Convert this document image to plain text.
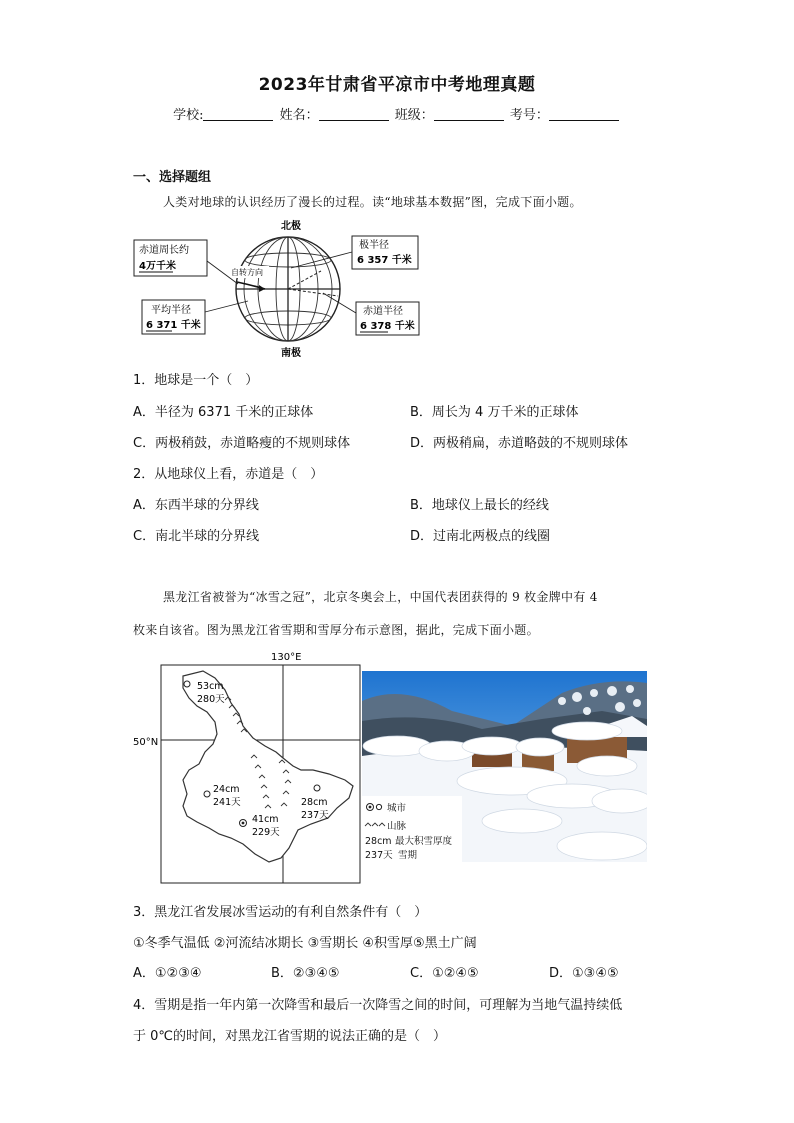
2023年甘肃省平凉市中考地理真题
学校:	姓名：	班级：	考号：
一、选择题组
人类对地球的认识经历了漫长的过程。读“地球基本数据”图，完成下面小题。
自转方向
北极
南极
赤道周长约
4万千米
平均半径
6 371 千米
极半径
6 357 千米
赤道半径
6 378 千米
1．地球是一个（　）
A．半径为 6371 千米的正球体	B．周长为 4 万千米的正球体
C．两极稍鼓，赤道略瘦的不规则球体	D．两极稍扁，赤道略鼓的不规则球体
2．从地球仪上看，赤道是（　）
A．东西半球的分界线	B．地球仪上最长的经线
C．南北半球的分界线	D．过南北两极点的线圈
黑龙江省被誉为“冰雪之冠”，北京冬奥会上，中国代表团获得的 9 枚金牌中有 4
枚来自该省。图为黑龙江省雪期和雪厚分布示意图，据此，完成下面小题。
130°E
50°N
53cm
280天
24cm
241天
41cm
229天
28cm
237天
城市
山脉
28cm 最大积雪厚度
237天 雪期
3．黑龙江省发展冰雪运动的有利自然条件有（　）
①冬季气温低 ②河流结冰期长 ③雪期长 ④积雪厚⑤黑土广阔
A．①②③④	B．②③④⑤	C．①②④⑤	D．①③④⑤
4．雪期是指一年内第一次降雪和最后一次降雪之间的时间，可理解为当地气温持续低
于 0℃的时间，对黑龙江省雪期的说法正确的是（　）
